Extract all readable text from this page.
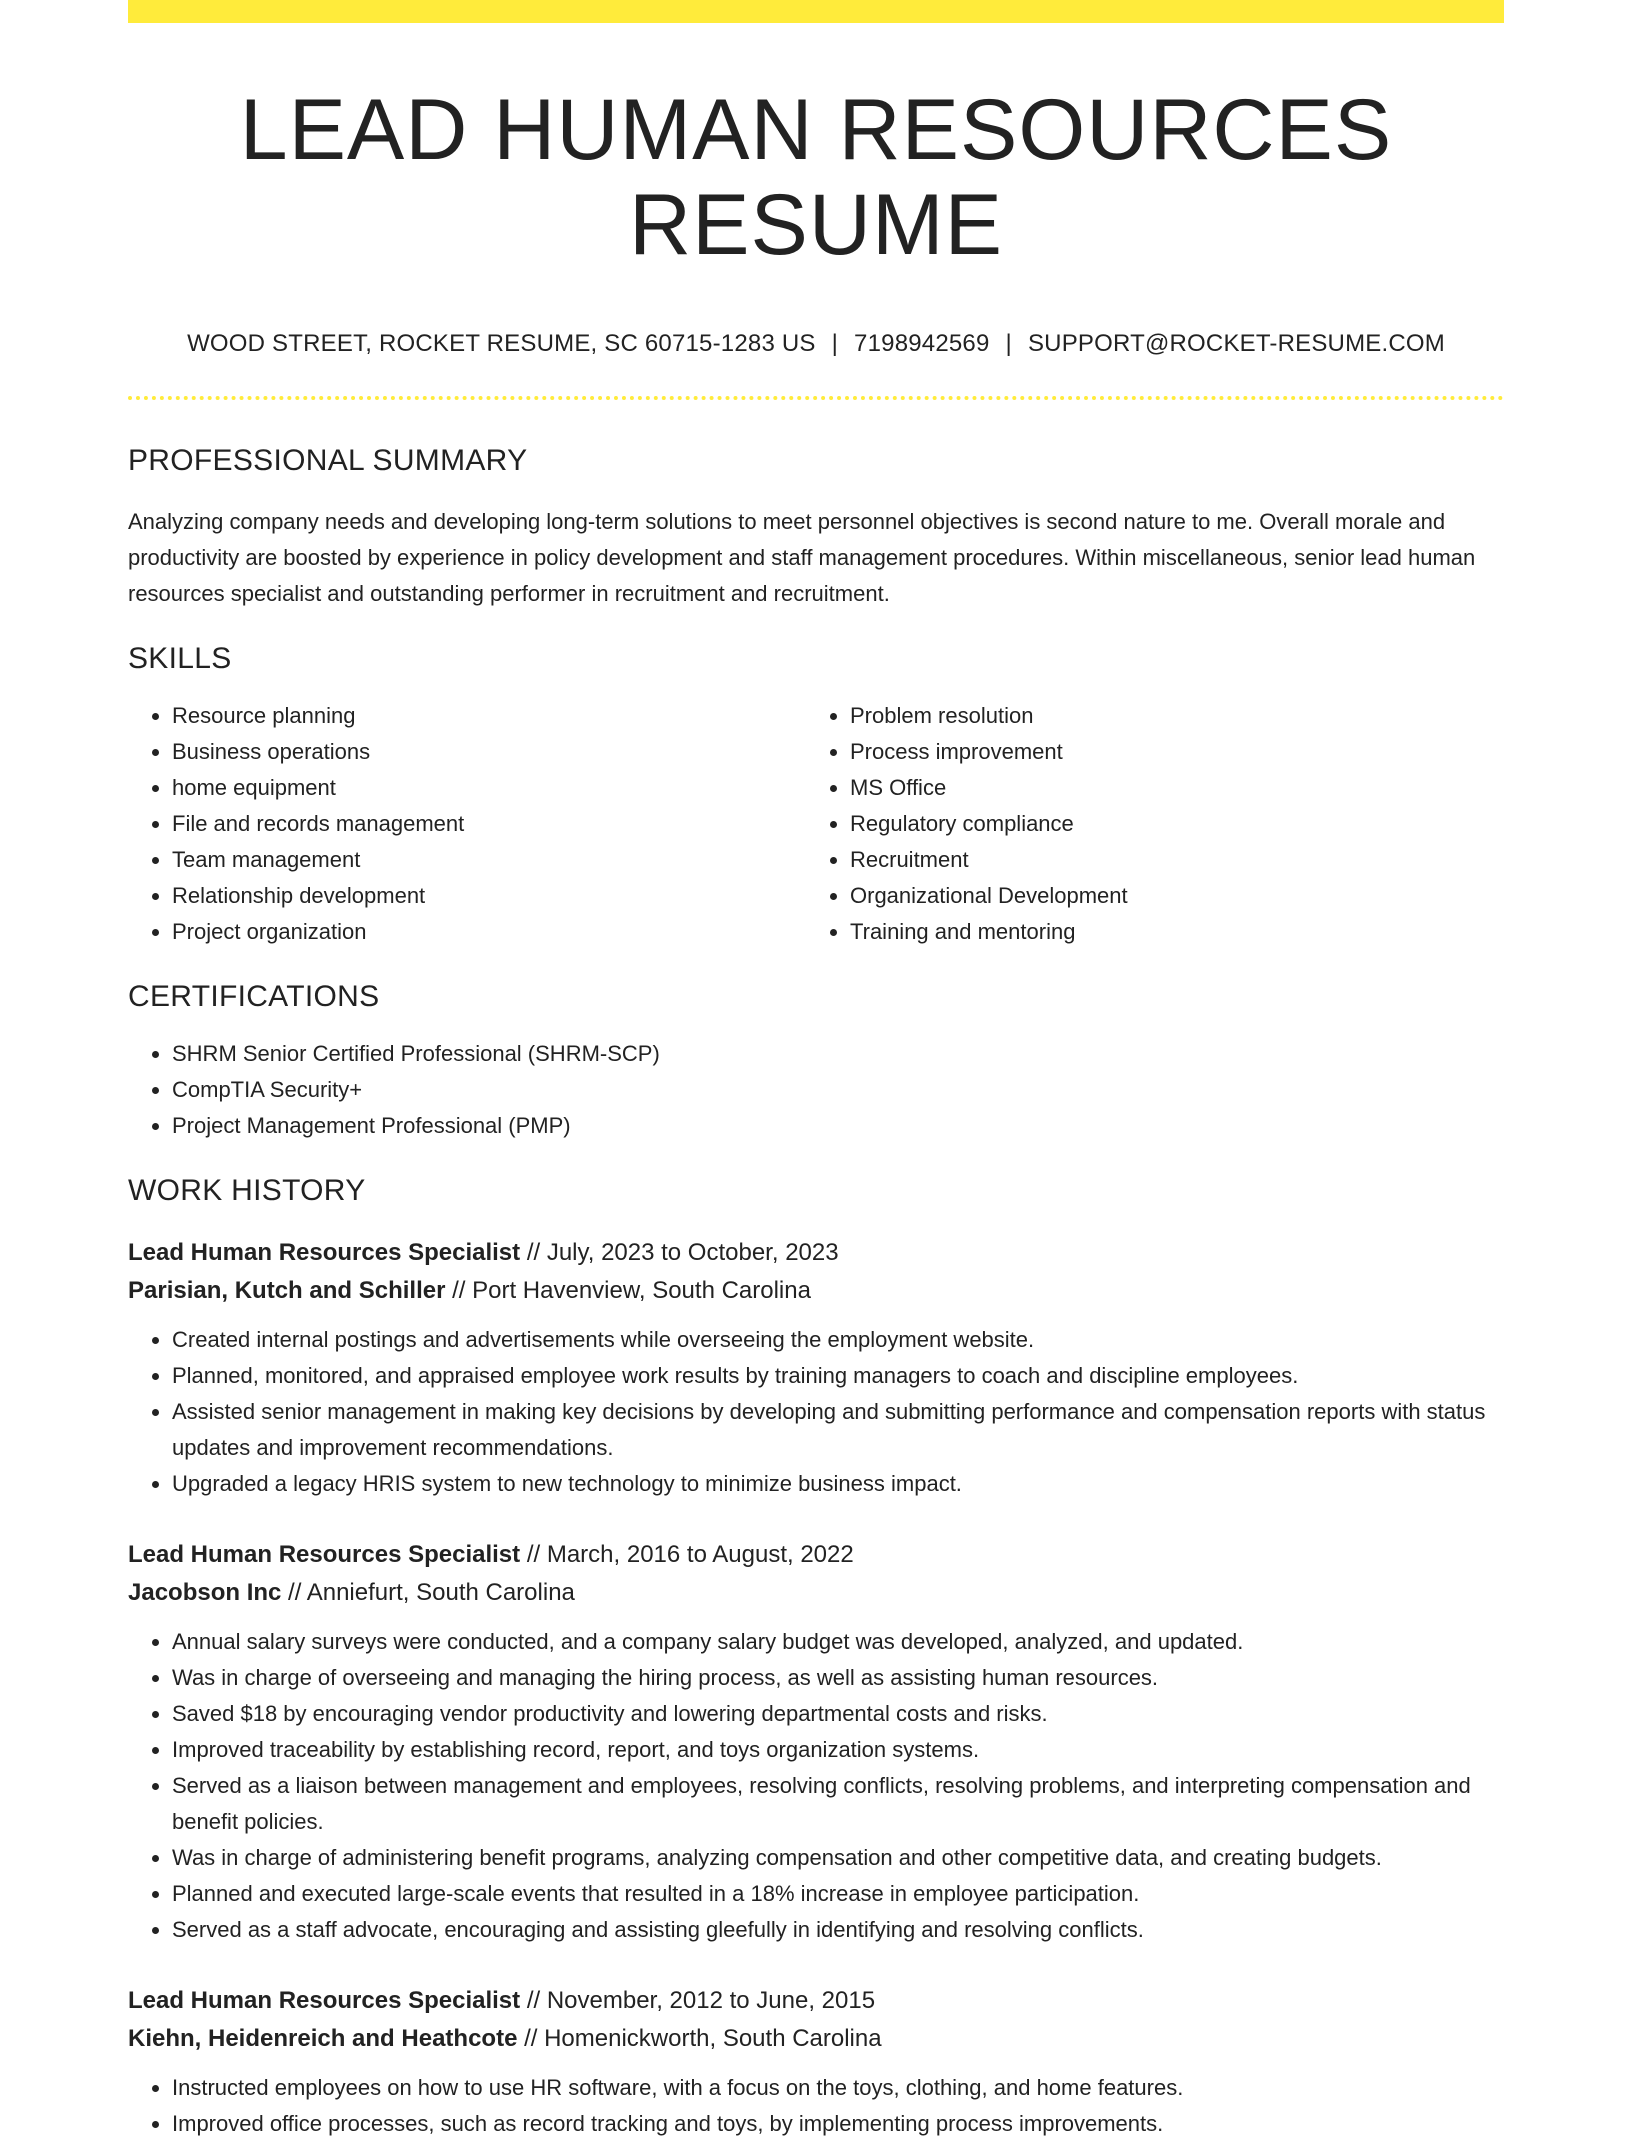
LEAD HUMAN RESOURCES RESUME
WOOD STREET, ROCKET RESUME, SC 60715-1283 US | 7198942569 | SUPPORT@ROCKET-RESUME.COM
PROFESSIONAL SUMMARY

Analyzing company needs and developing long-term solutions to meet personnel objectives is second nature to me. Overall morale and productivity are boosted by experience in policy development and staff management procedures. Within miscellaneous, senior lead human resources specialist and outstanding performer in recruitment and recruitment.

SKILLS
• Resource planning
• Business operations
• home equipment
• File and records management
• Team management
• Relationship development
• Project organization
• Problem resolution
• Process improvement
• MS Office
• Regulatory compliance
• Recruitment
• Organizational Development
• Training and mentoring
CERTIFICATIONS
• SHRM Senior Certified Professional (SHRM-SCP)
• CompTIA Security+
• Project Management Professional (PMP)
WORK HISTORY
Lead Human Resources Specialist // July, 2023 to October, 2023
Parisian, Kutch and Schiller // Port Havenview, South Carolina
• Created internal postings and advertisements while overseeing the employment website.
• Planned, monitored, and appraised employee work results by training managers to coach and discipline employees.
• Assisted senior management in making key decisions by developing and submitting performance and compensation reports with status updates and improvement recommendations.
• Upgraded a legacy HRIS system to new technology to minimize business impact.
Lead Human Resources Specialist // March, 2016 to August, 2022
Jacobson Inc // Anniefurt, South Carolina
• Annual salary surveys were conducted, and a company salary budget was developed, analyzed, and updated.
• Was in charge of overseeing and managing the hiring process, as well as assisting human resources.
• Saved $18 by encouraging vendor productivity and lowering departmental costs and risks.
• Improved traceability by establishing record, report, and toys organization systems.
• Served as a liaison between management and employees, resolving conflicts, resolving problems, and interpreting compensation and benefit policies.
• Was in charge of administering benefit programs, analyzing compensation and other competitive data, and creating budgets.
• Planned and executed large-scale events that resulted in a 18% increase in employee participation.
• Served as a staff advocate, encouraging and assisting gleefully in identifying and resolving conflicts.
Lead Human Resources Specialist // November, 2012 to June, 2015
Kiehn, Heidenreich and Heathcote // Homenickworth, South Carolina
• Instructed employees on how to use HR software, with a focus on the toys, clothing, and home features.
• Improved office processes, such as record tracking and toys, by implementing process improvements.
